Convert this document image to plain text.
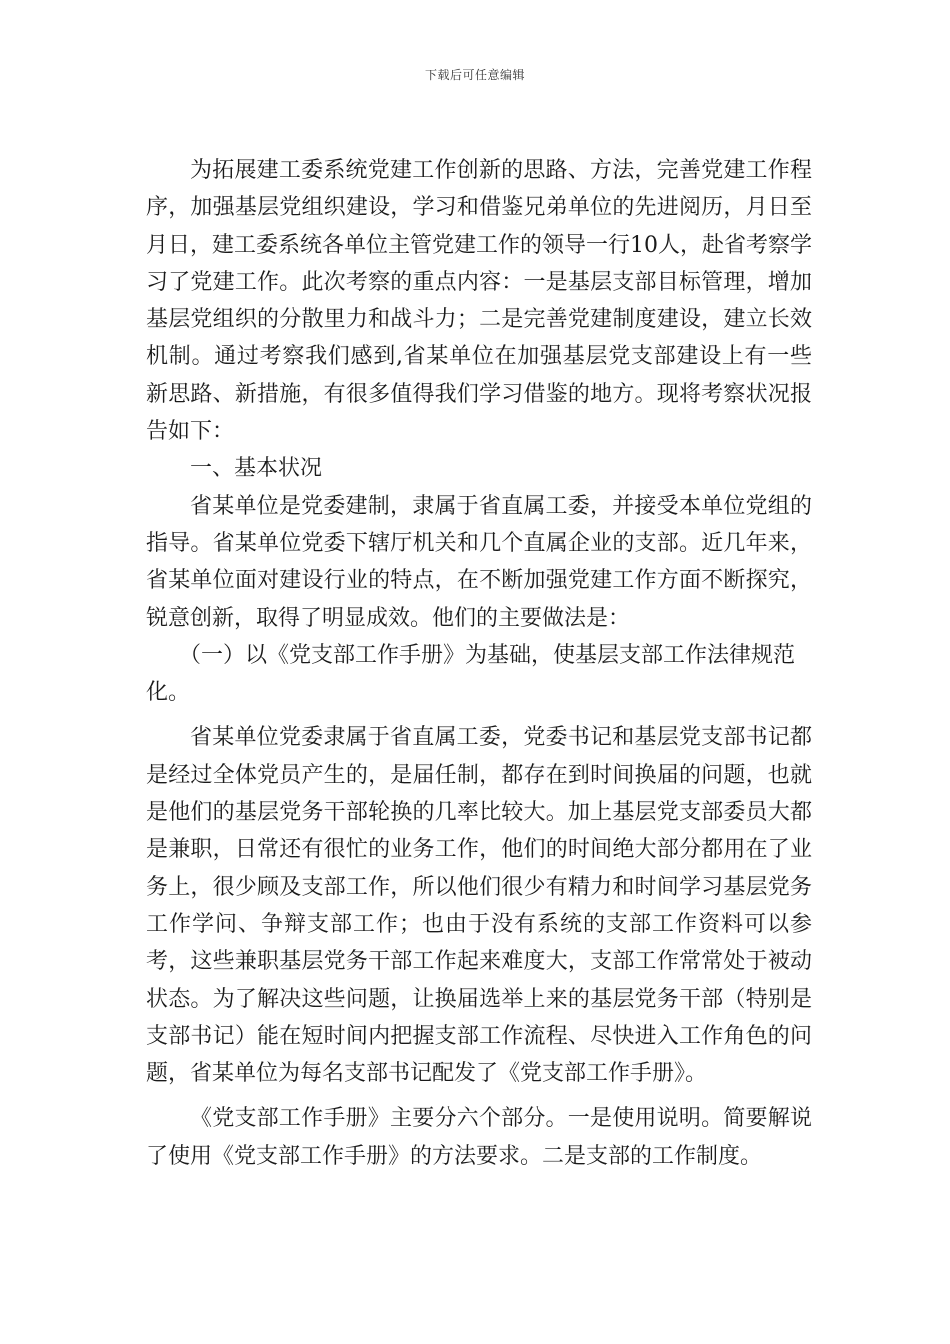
下载后可任意编辑

为拓展建工委系统党建工作创新的思路、方法，完善党建工作程序，加强基层党组织建设，学习和借鉴兄弟单位的先进阅历，月日至月日，建工委系统各单位主管党建工作的领导一行10人，赴省考察学习了党建工作。此次考察的重点内容：一是基层支部目标管理，增加基层党组织的分散里力和战斗力；二是完善党建制度建设，建立长效机制。通过考察我们感到,省某单位在加强基层党支部建设上有一些新思路、新措施，有很多值得我们学习借鉴的地方。现将考察状况报告如下：

一、基本状况

省某单位是党委建制，隶属于省直属工委，并接受本单位党组的指导。省某单位党委下辖厅机关和几个直属企业的支部。近几年来，省某单位面对建设行业的特点，在不断加强党建工作方面不断探究，锐意创新，取得了明显成效。他们的主要做法是：

（一）以《党支部工作手册》为基础，使基层支部工作法律规范化。

省某单位党委隶属于省直属工委，党委书记和基层党支部书记都是经过全体党员产生的，是届任制，都存在到时间换届的问题，也就是他们的基层党务干部轮换的几率比较大。加上基层党支部委员大都是兼职，日常还有很忙的业务工作，他们的时间绝大部分都用在了业务上，很少顾及支部工作，所以他们很少有精力和时间学习基层党务工作学问、争辩支部工作；也由于没有系统的支部工作资料可以参考，这些兼职基层党务干部工作起来难度大，支部工作常常处于被动状态。为了解决这些问题，让换届选举上来的基层党务干部（特别是支部书记）能在短时间内把握支部工作流程、尽快进入工作角色的问题，省某单位为每名支部书记配发了《党支部工作手册》。

《党支部工作手册》主要分六个部分。一是使用说明。简要解说了使用《党支部工作手册》的方法要求。二是支部的工作制度。
